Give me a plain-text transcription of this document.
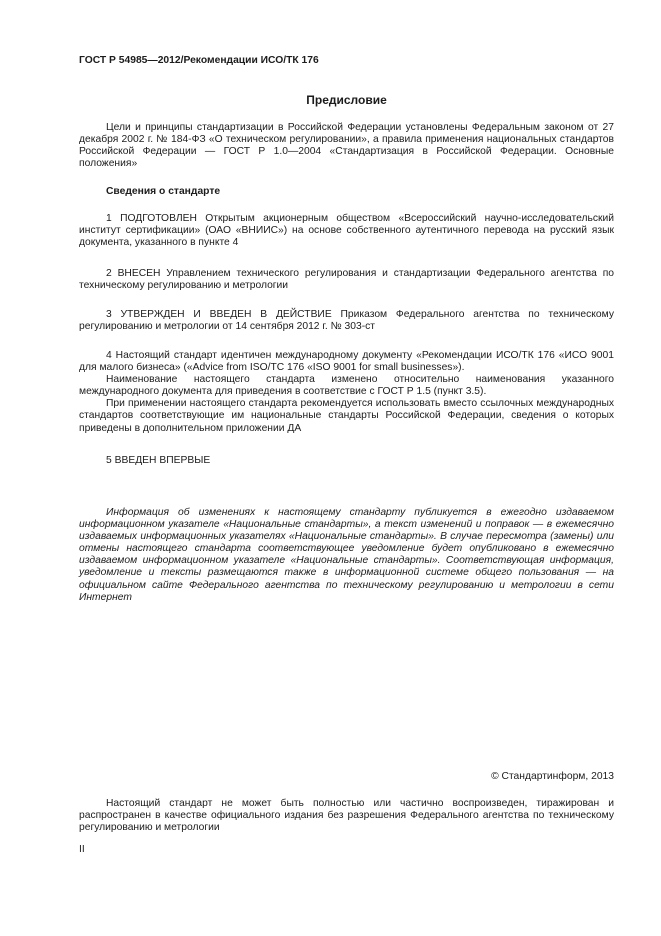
ГОСТ Р 54985—2012/Рекомендации ИСО/ТК 176
Предисловие

Цели и принципы стандартизации в Российской Федерации установлены Федеральным законом от 27 декабря 2002 г. № 184-ФЗ «О техническом регулировании», а правила применения национальных стандартов Российской Федерации — ГОСТ Р 1.0—2004 «Стандартизация в Российской Федерации. Основные положения»

Сведения о стандарте

1 ПОДГОТОВЛЕН Открытым акционерным обществом «Всероссийский научно-исследовательский институт сертификации» (ОАО «ВНИИС») на основе собственного аутентичного перевода на русский язык документа, указанного в пункте 4

2 ВНЕСЕН Управлением технического регулирования и стандартизации Федерального агентства по техническому регулированию и метрологии

3 УТВЕРЖДЕН И ВВЕДЕН В ДЕЙСТВИЕ Приказом Федерального агентства по техническому регулированию и метрологии от 14 сентября 2012 г. № 303-ст

4 Настоящий стандарт идентичен международному документу «Рекомендации ИСО/ТК 176 «ИСО 9001 для малого бизнеса» («Advice from ISO/TC 176 «ISO 9001 for small businesses»).

Наименование настоящего стандарта изменено относительно наименования указанного международного документа для приведения в соответствие с ГОСТ Р 1.5 (пункт 3.5).

При применении настоящего стандарта рекомендуется использовать вместо ссылочных международных стандартов соответствующие им национальные стандарты Российской Федерации, сведения о которых приведены в дополнительном приложении ДА

5 ВВЕДЕН ВПЕРВЫЕ

Информация об изменениях к настоящему стандарту публикуется в ежегодно издаваемом информационном указателе «Национальные стандарты», а текст изменений и поправок — в ежемесячно издаваемых информационных указателях «Национальные стандарты». В случае пересмотра (замены) или отмены настоящего стандарта соответствующее уведомление будет опубликовано в ежемесячно издаваемом информационном указателе «Национальные стандарты». Соответствующая информация, уведомление и тексты размещаются также в информационной системе общего пользования — на официальном сайте Федерального агентства по техническому регулированию и метрологии в сети Интернет

© Стандартинформ, 2013

Настоящий стандарт не может быть полностью или частично воспроизведен, тиражирован и распространен в качестве официального издания без разрешения Федерального агентства по техническому регулированию и метрологии

II
